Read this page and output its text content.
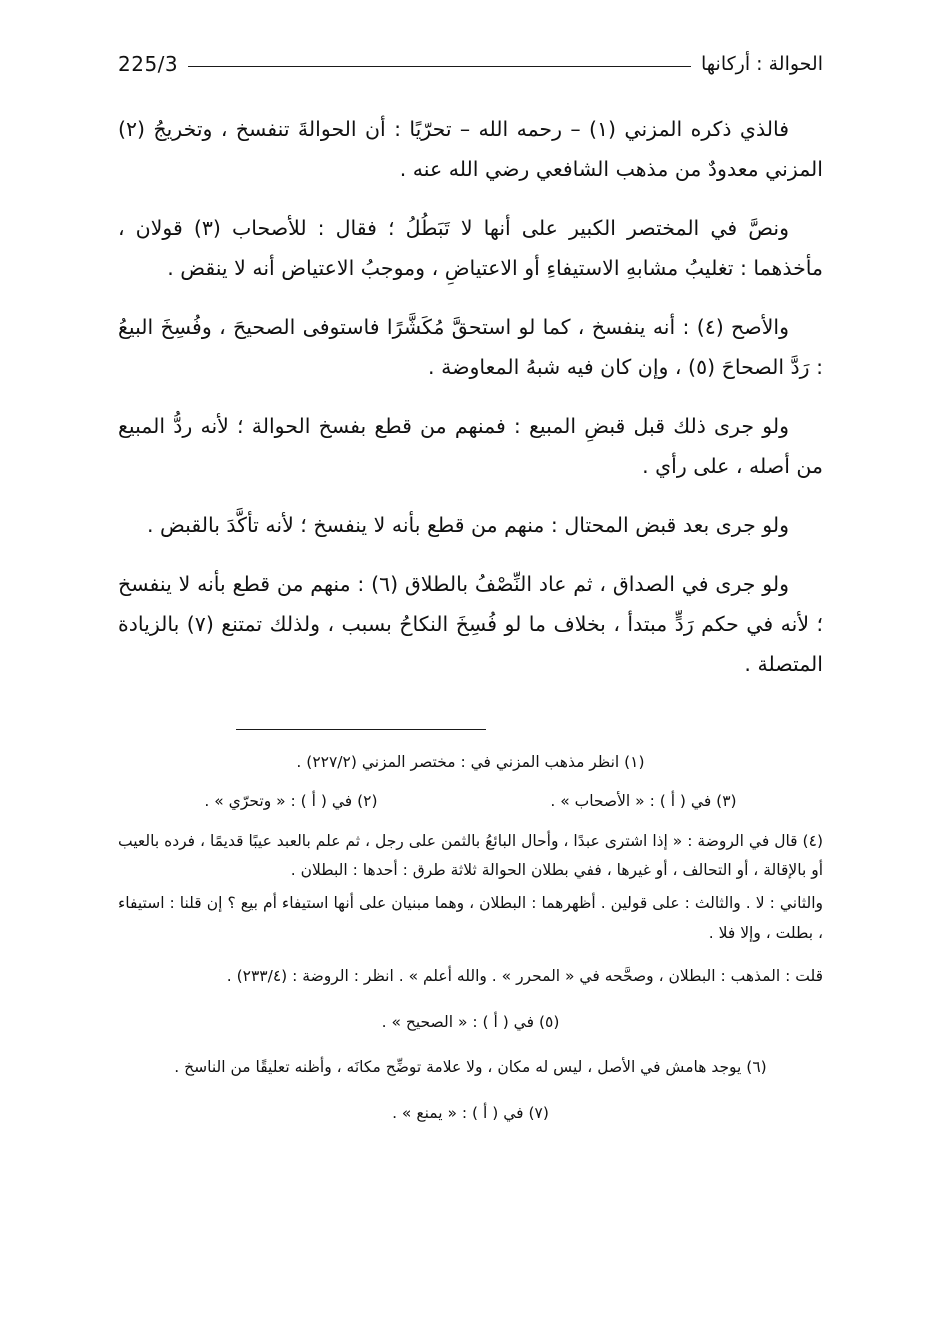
الحوالة : أركانها
225/3

فالذي ذكره المزني (١) – رحمه الله – تحرّيًا : أن الحوالةَ تنفسخ ، وتخريجُ (٢) المزني معدودٌ من مذهب الشافعي رضي الله عنه .

ونصَّ في المختصر الكبير على أنها لا تَبَطُلُ ؛ فقال : للأصحاب (٣) قولان ، مأخذهما : تغليبُ مشابهِ الاستيفاءِ أو الاعتياضِ ، وموجبُ الاعتياض أنه لا ينقض .

والأصح (٤) : أنه ينفسخ ، كما لو استحقَّ مُكَشَّرًا فاستوفى الصحيحَ ، وفُسِخَ البيعُ : رَدَّ الصحاحَ (٥) ، وإن كان فيه شبهُ المعاوضة .

ولو جرى ذلك قبل قبضِ المبيع : فمنهم من قطع بفسخ الحوالة ؛ لأنه ردُّ المبيع من أصله ، على رأي .

ولو جرى بعد قبض المحتال : منهم من قطع بأنه لا ينفسخ ؛ لأنه تأكَّدَ بالقبض .

ولو جرى في الصداق ، ثم عاد النِّصْفُ بالطلاق (٦) : منهم من قطع بأنه لا ينفسخ ؛ لأنه في حكم رَدٍّ مبتدأ ، بخلاف ما لو فُسِخَ النكاحُ بسبب ، ولذلك تمتنع (٧) بالزيادة المتصلة .

(١) انظر مذهب المزني في : مختصر المزني (٢٢٧/٢) .

(٣) في ( أ ) : « الأصحاب » .
(٢) في ( أ ) : « وتحرّي » .

(٤) قال في الروضة : « إذا اشترى عبدًا ، وأحال البائعُ بالثمن على رجل ، ثم علم بالعبد عيبًا قديمًا ، فرده بالعيب أو بالإقالة ، أو التحالف ، أو غيرها ، ففي بطلان الحوالة ثلاثة طرق : أحدها : البطلان .

والثاني : لا . والثالث : على قولين . أظهرهما : البطلان ، وهما مبنيان على أنها استيفاء أم بيع ؟ إن قلنا : استيفاء ، بطلت ، وإلا فلا .

قلت : المذهب : البطلان ، وصحَّحه في « المحرر » . والله أعلم » . انظر : الروضة : (٢٣٣/٤) .

(٥) في ( أ ) : « الصحيح » .

(٦) يوجد هامش في الأصل ، ليس له مكان ، ولا علامة توضِّح مكانَه ، وأظنه تعليقًا من الناسخ .

(٧) في ( أ ) : « يمنع » .
